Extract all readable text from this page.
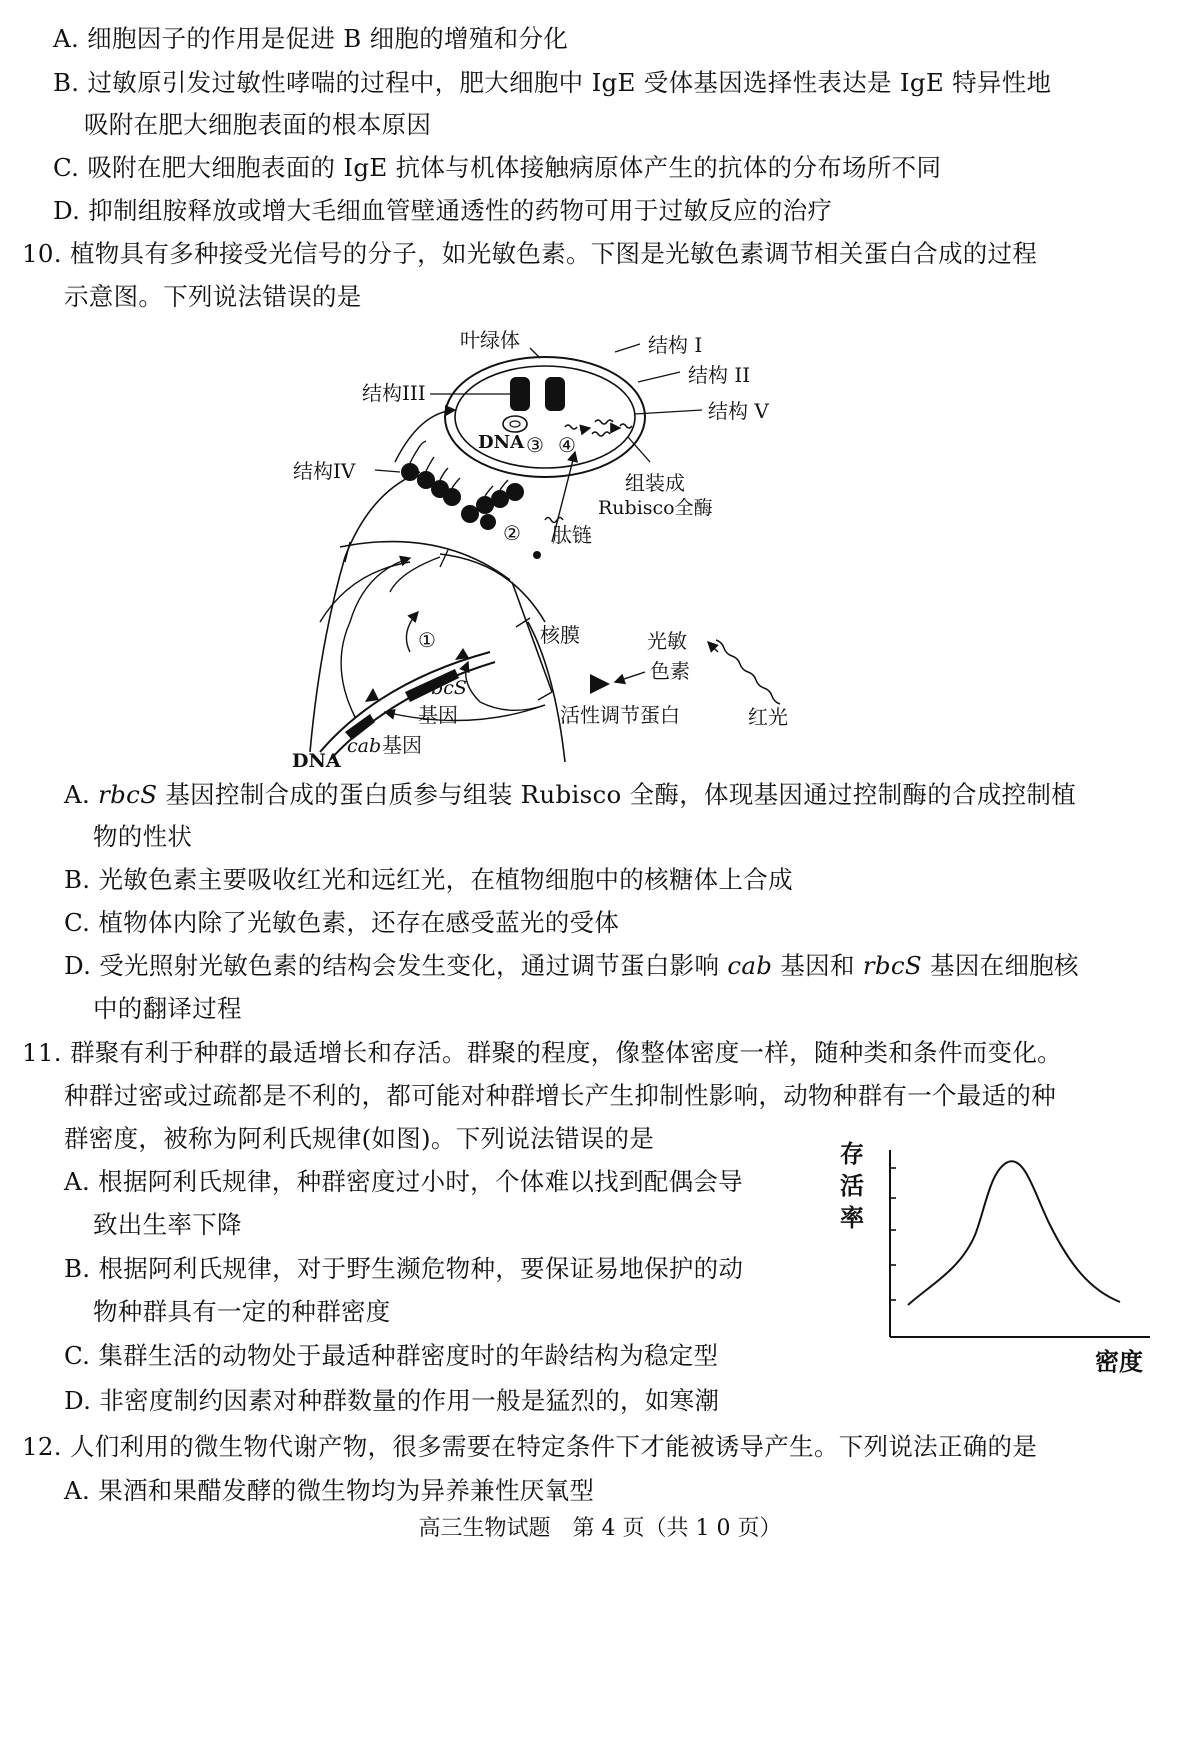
A. 细胞因子的作用是促进 B 细胞的增殖和分化
B. 过敏原引发过敏性哮喘的过程中，肥大细胞中 IgE 受体基因选择性表达是 IgE 特异性地
吸附在肥大细胞表面的根本原因
C. 吸附在肥大细胞表面的 IgE 抗体与机体接触病原体产生的抗体的分布场所不同
D. 抑制组胺释放或增大毛细血管壁通透性的药物可用于过敏反应的治疗
10. 植物具有多种接受光信号的分子，如光敏色素。下图是光敏色素调节相关蛋白合成的过程
示意图。下列说法错误的是
叶绿体	结构 I
结构 II
结构III
结构 V
DNA ③ ④
结构IV	组装成
Rubisco全酶
② 肽链
①	核膜	光敏
色素
rbcS
基因	活性调节蛋白	红光
DNA
cab 基因
A. rbcS 基因控制合成的蛋白质参与组装 Rubisco 全酶，体现基因通过控制酶的合成控制植
物的性状
B. 光敏色素主要吸收红光和远红光，在植物细胞中的核糖体上合成
C. 植物体内除了光敏色素，还存在感受蓝光的受体
D. 受光照射光敏色素的结构会发生变化，通过调节蛋白影响 cab 基因和 rbcS 基因在细胞核
中的翻译过程
11. 群聚有利于种群的最适增长和存活。群聚的程度，像整体密度一样，随种类和条件而变化。
种群过密或过疏都是不利的，都可能对种群增长产生抑制性影响，动物种群有一个最适的种
群密度，被称为阿利氏规律(如图)。下列说法错误的是
A. 根据阿利氏规律，种群密度过小时，个体难以找到配偶会导
致出生率下降
B. 根据阿利氏规律，对于野生濒危物种，要保证易地保护的动
物种群具有一定的种群密度
C. 集群生活的动物处于最适种群密度时的年龄结构为稳定型
D. 非密度制约因素对种群数量的作用一般是猛烈的，如寒潮
存
活
率
密度
12. 人们利用的微生物代谢产物，很多需要在特定条件下才能被诱导产生。下列说法正确的是
A. 果酒和果醋发酵的微生物均为异养兼性厌氧型
高三生物试题　第 4 页（共 1 0 页）
